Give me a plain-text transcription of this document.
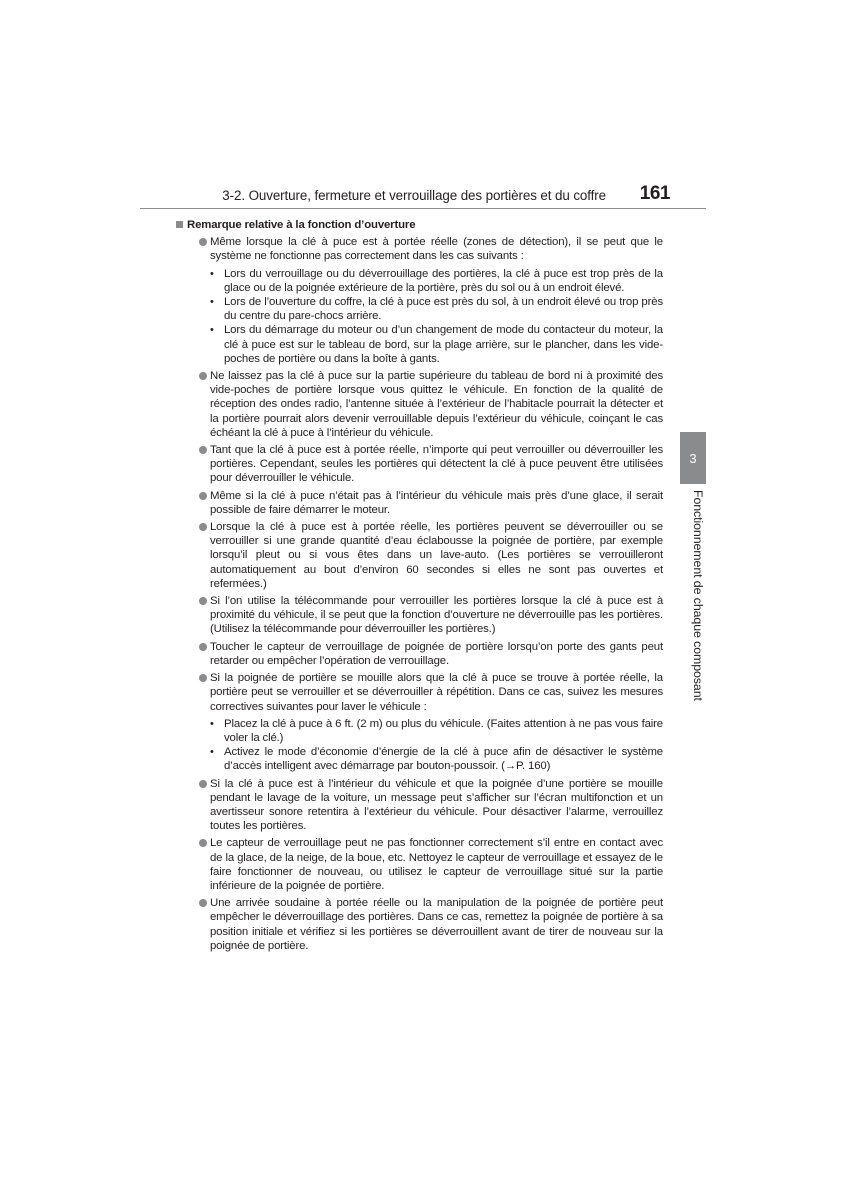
3-2. Ouverture, fermeture et verrouillage des portières et du coffre 161
3
Fonctionnement de chaque composant
Remarque relative à la fonction d’ouverture
Même lorsque la clé à puce est à portée réelle (zones de détection), il se peut que le système ne fonctionne pas correctement dans les cas suivants :
• Lors du verrouillage ou du déverrouillage des portières, la clé à puce est trop près de la glace ou de la poignée extérieure de la portière, près du sol ou à un endroit élevé.
• Lors de l’ouverture du coffre, la clé à puce est près du sol, à un endroit élevé ou trop près du centre du pare-chocs arrière.
• Lors du démarrage du moteur ou d’un changement de mode du contacteur du moteur, la clé à puce est sur le tableau de bord, sur la plage arrière, sur le plancher, dans les vide-poches de portière ou dans la boîte à gants.
Ne laissez pas la clé à puce sur la partie supérieure du tableau de bord ni à proximité des vide-poches de portière lorsque vous quittez le véhicule. En fonction de la qualité de réception des ondes radio, l’antenne située à l’extérieur de l’habitacle pourrait la détecter et la portière pourrait alors devenir verrouillable depuis l’extérieur du véhicule, coinçant le cas échéant la clé à puce à l’intérieur du véhicule.
Tant que la clé à puce est à portée réelle, n’importe qui peut verrouiller ou déverrouiller les portières. Cependant, seules les portières qui détectent la clé à puce peuvent être utilisées pour déverrouiller le véhicule.
Même si la clé à puce n’était pas à l’intérieur du véhicule mais près d’une glace, il serait possible de faire démarrer le moteur.
Lorsque la clé à puce est à portée réelle, les portières peuvent se déverrouiller ou se verrouiller si une grande quantité d’eau éclabousse la poignée de portière, par exemple lorsqu’il pleut ou si vous êtes dans un lave-auto. (Les portières se verrouilleront automatiquement au bout d’environ 60 secondes si elles ne sont pas ouvertes et refermées.)
Si l’on utilise la télécommande pour verrouiller les portières lorsque la clé à puce est à proximité du véhicule, il se peut que la fonction d’ouverture ne déverrouille pas les portières. (Utilisez la télécommande pour déverrouiller les portières.)
Toucher le capteur de verrouillage de poignée de portière lorsqu’on porte des gants peut retarder ou empêcher l’opération de verrouillage.
Si la poignée de portière se mouille alors que la clé à puce se trouve à portée réelle, la portière peut se verrouiller et se déverrouiller à répétition. Dans ce cas, suivez les mesures correctives suivantes pour laver le véhicule :
• Placez la clé à puce à 6 ft. (2 m) ou plus du véhicule. (Faites attention à ne pas vous faire voler la clé.)
• Activez le mode d’économie d’énergie de la clé à puce afin de désactiver le système d’accès intelligent avec démarrage par bouton-poussoir. (→P. 160)
Si la clé à puce est à l’intérieur du véhicule et que la poignée d’une portière se mouille pendant le lavage de la voiture, un message peut s’afficher sur l’écran multifonction et un avertisseur sonore retentira à l’extérieur du véhicule. Pour désactiver l’alarme, verrouillez toutes les portières.
Le capteur de verrouillage peut ne pas fonctionner correctement s’il entre en contact avec de la glace, de la neige, de la boue, etc. Nettoyez le capteur de verrouillage et essayez de le faire fonctionner de nouveau, ou utilisez le capteur de verrouillage situé sur la partie inférieure de la poignée de portière.
Une arrivée soudaine à portée réelle ou la manipulation de la poignée de portière peut empêcher le déverrouillage des portières. Dans ce cas, remettez la poignée de portière à sa position initiale et vérifiez si les portières se déverrouillent avant de tirer de nouveau sur la poignée de portière.
